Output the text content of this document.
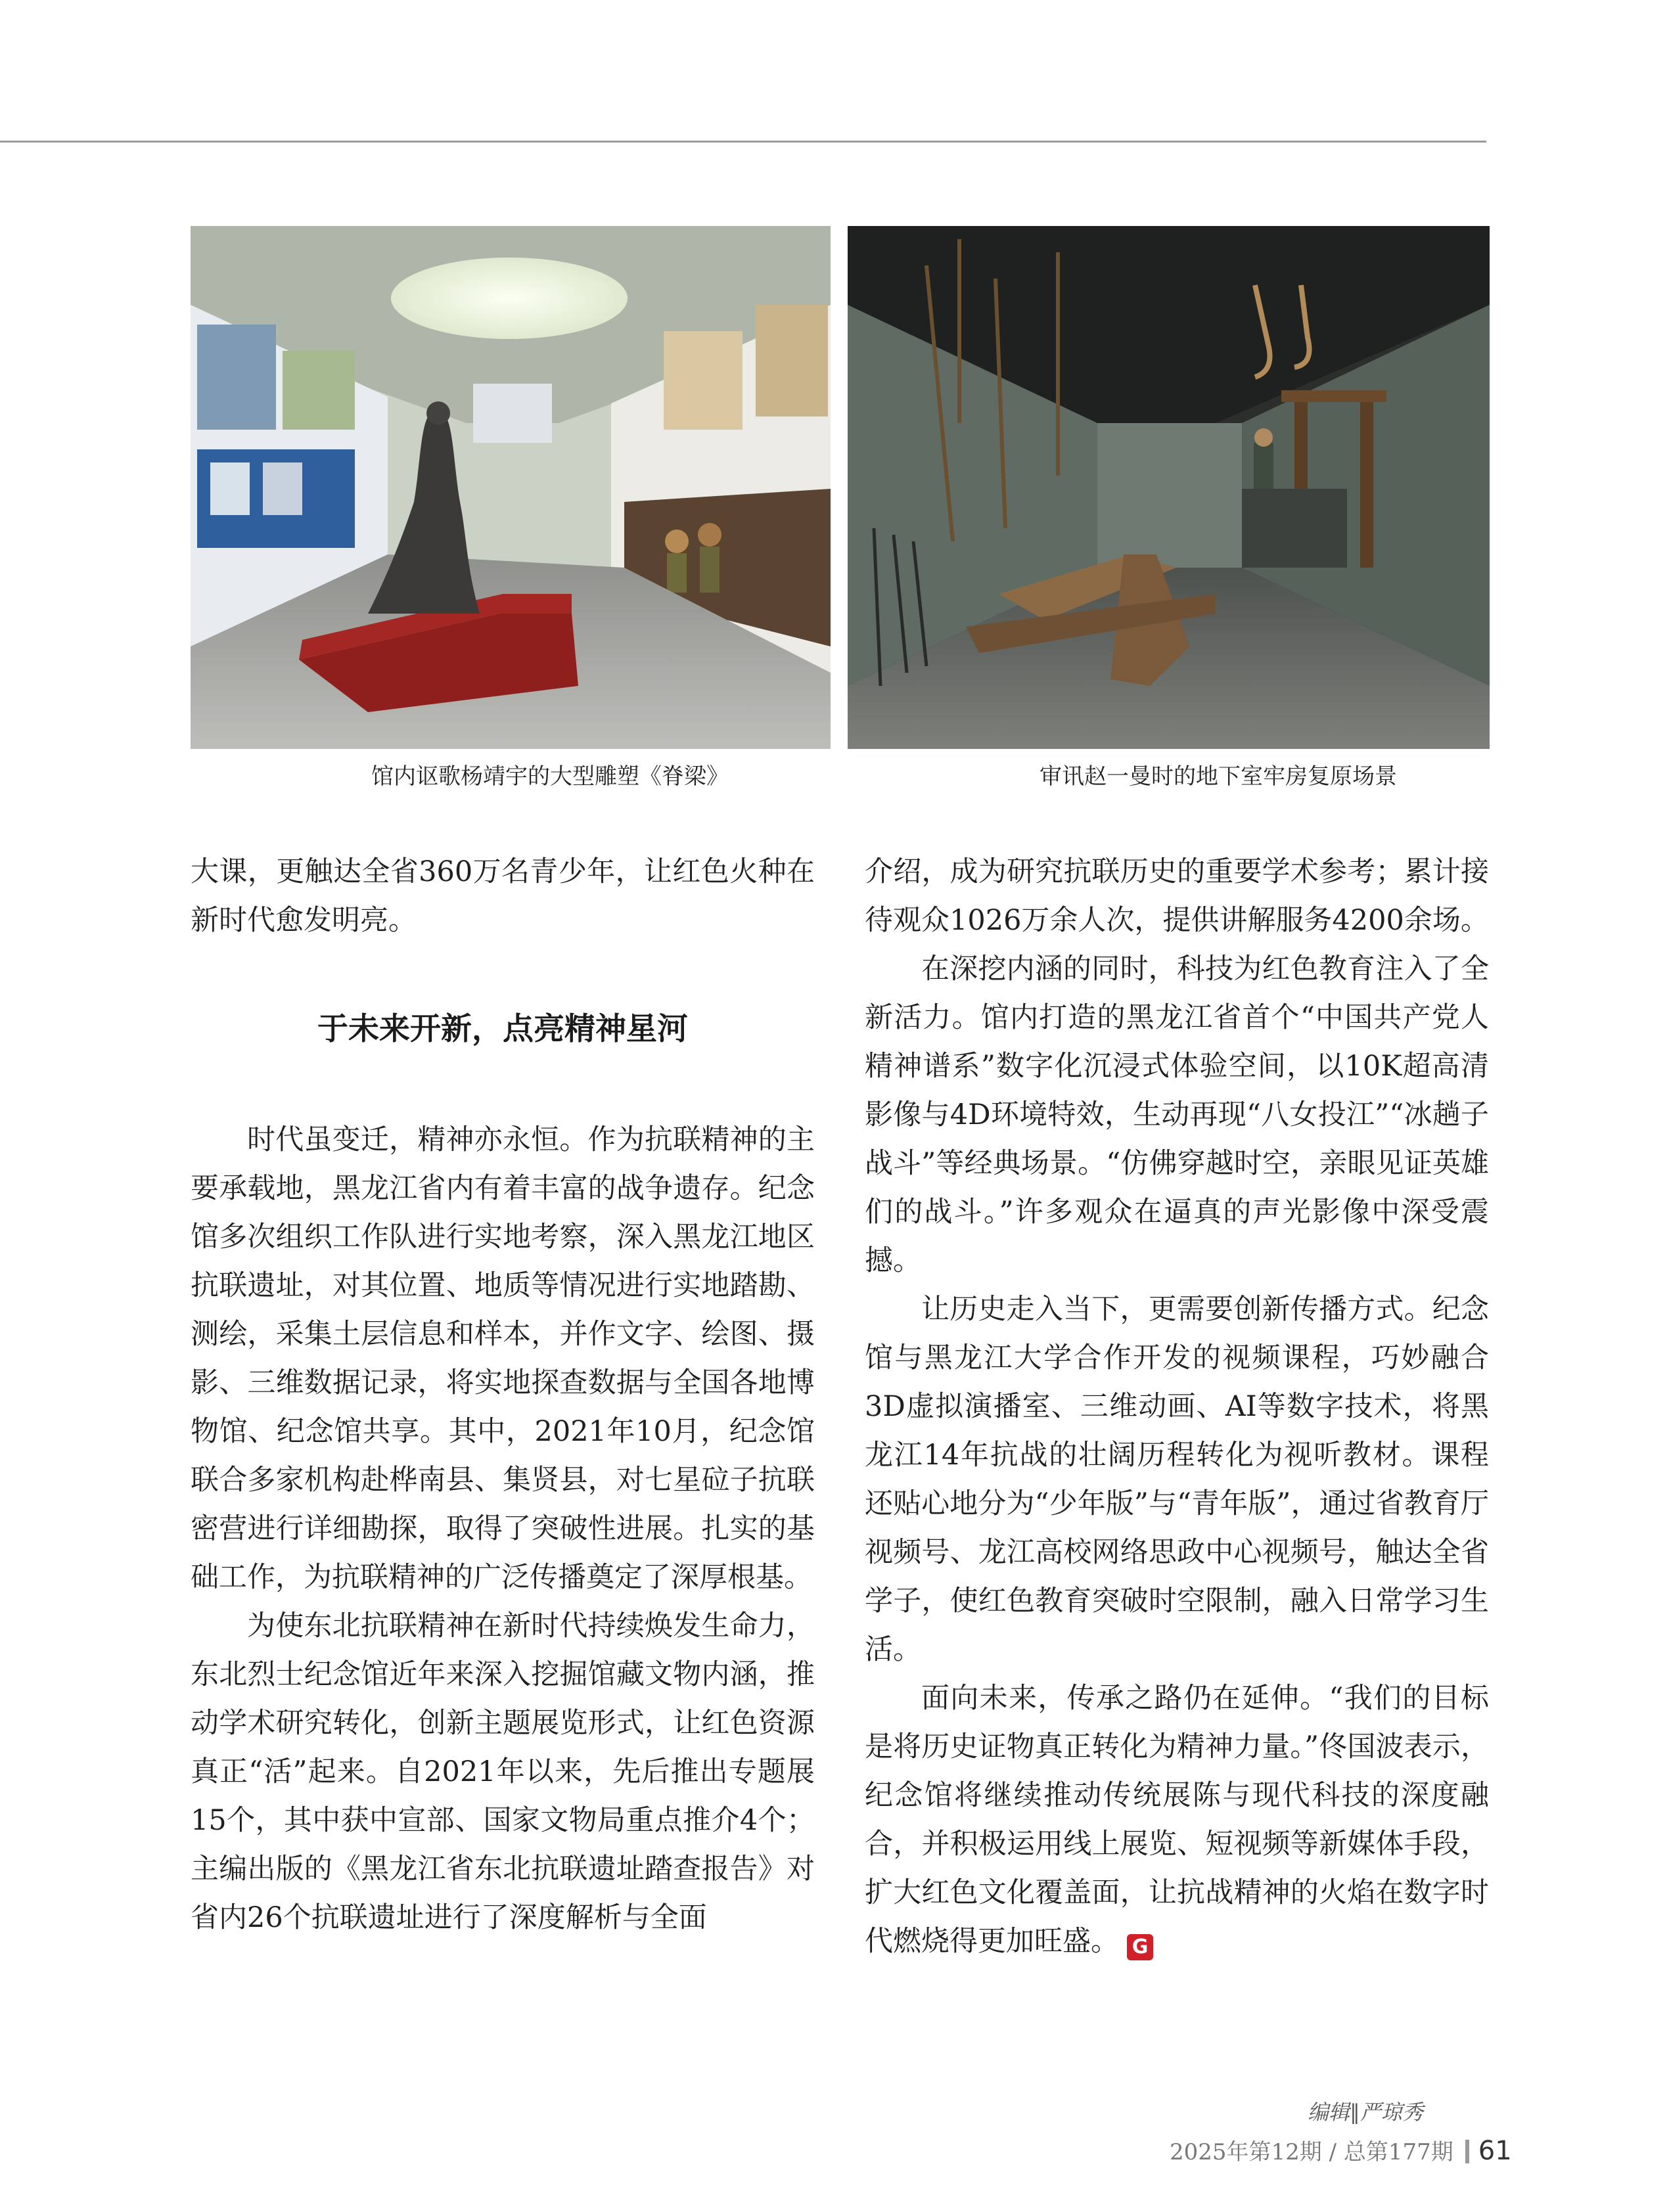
馆内讴歌杨靖宇的大型雕塑《脊梁》	审讯赵一曼时的地下室牢房复原场景

大课，更触达全省360万名青少年，让红色火种在新时代愈发明亮。

于未来开新，点亮精神星河

时代虽变迁，精神亦永恒。作为抗联精神的主要承载地，黑龙江省内有着丰富的战争遗存。纪念馆多次组织工作队进行实地考察，深入黑龙江地区抗联遗址，对其位置、地质等情况进行实地踏勘、测绘，采集土层信息和样本，并作文字、绘图、摄影、三维数据记录，将实地探查数据与全国各地博物馆、纪念馆共享。其中，2021年10月，纪念馆联合多家机构赴桦南县、集贤县，对七星砬子抗联密营进行详细勘探，取得了突破性进展。扎实的基础工作，为抗联精神的广泛传播奠定了深厚根基。

为使东北抗联精神在新时代持续焕发生命力，东北烈士纪念馆近年来深入挖掘馆藏文物内涵，推动学术研究转化，创新主题展览形式，让红色资源真正“活”起来。自2021年以来，先后推出专题展15个，其中获中宣部、国家文物局重点推介4个；主编出版的《黑龙江省东北抗联遗址踏查报告》对省内26个抗联遗址进行了深度解析与全面

介绍，成为研究抗联历史的重要学术参考；累计接待观众1026万余人次，提供讲解服务4200余场。

在深挖内涵的同时，科技为红色教育注入了全新活力。馆内打造的黑龙江省首个“中国共产党人精神谱系”数字化沉浸式体验空间，以10K超高清影像与4D环境特效，生动再现“八女投江”“冰趟子战斗”等经典场景。“仿佛穿越时空，亲眼见证英雄们的战斗。”许多观众在逼真的声光影像中深受震撼。

让历史走入当下，更需要创新传播方式。纪念馆与黑龙江大学合作开发的视频课程，巧妙融合3D虚拟演播室、三维动画、AI等数字技术，将黑龙江14年抗战的壮阔历程转化为视听教材。课程还贴心地分为“少年版”与“青年版”，通过省教育厅视频号、龙江高校网络思政中心视频号，触达全省学子，使红色教育突破时空限制，融入日常学习生活。

面向未来，传承之路仍在延伸。“我们的目标是将历史证物真正转化为精神力量。”佟国波表示，纪念馆将继续推动传统展陈与现代科技的深度融合，并积极运用线上展览、短视频等新媒体手段，扩大红色文化覆盖面，让抗战精神的火焰在数字时代燃烧得更加旺盛。 G

编辑∥严琼秀
2025年第12期 / 总第177期 61
